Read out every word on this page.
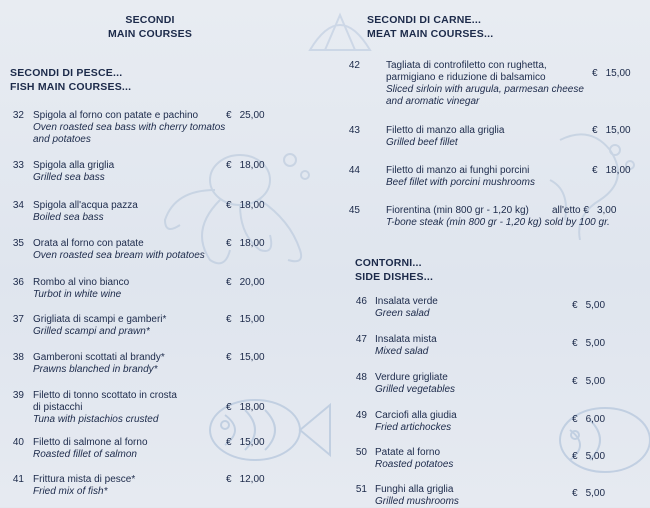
SECONDI
MAIN COURSES
SECONDI DI PESCE...
FISH MAIN COURSES...
32 Spigola al forno con patate e pachino
Oven roasted sea bass with cherry tomatos
and potatoes
€ 25,00
33 Spigola alla griglia
Grilled sea bass
€ 18,00
34 Spigola all'acqua pazza
Boiled sea bass
€ 18,00
35 Orata al forno con patate
Oven roasted sea bream with potatoes
€ 18,00
36 Rombo al vino bianco
Turbot in white wine
€ 20,00
37 Grigliata di scampi e gamberi*
Grilled scampi and prawn*
€ 15,00
38 Gamberoni scottati al brandy*
Prawns blanched in brandy*
€ 15,00
39 Filetto di tonno scottato in crosta
di pistacchi
Tuna with pistachios crusted
€ 18,00
40 Filetto di salmone al forno
Roasted fillet of salmon
€ 15,00
41 Frittura mista di pesce*
Fried mix of fish*
€ 12,00
SECONDI DI CARNE...
MEAT MAIN COURSES...
42	Tagliata di controfiletto con rughetta,
parmigiano e riduzione di balsamico
Sliced sirloin with arugula, parmesan cheese
and aromatic vinegar
€ 15,00
43	Filetto di manzo alla griglia
Grilled beef fillet
€ 15,00
44	Filetto di manzo ai funghi porcini
Beef fillet with porcini mushrooms
€ 18,00
45	Fiorentina (min 800 gr - 1,20 kg)
T-bone steak (min 800 gr - 1,20 kg) sold by 100 gr.
all'etto € 3,00
CONTORNI...
SIDE DISHES...
46 Insalata verde
Green salad
€ 5,00
47 Insalata mista
Mixed salad
€ 5,00
48 Verdure grigliate
Grilled vegetables
€ 5,00
49 Carciofi alla giudia
Fried artichockes
€ 6,00
50 Patate al forno
Roasted potatoes
€ 5,00
51 Funghi alla griglia
Grilled mushrooms
€ 5,00
